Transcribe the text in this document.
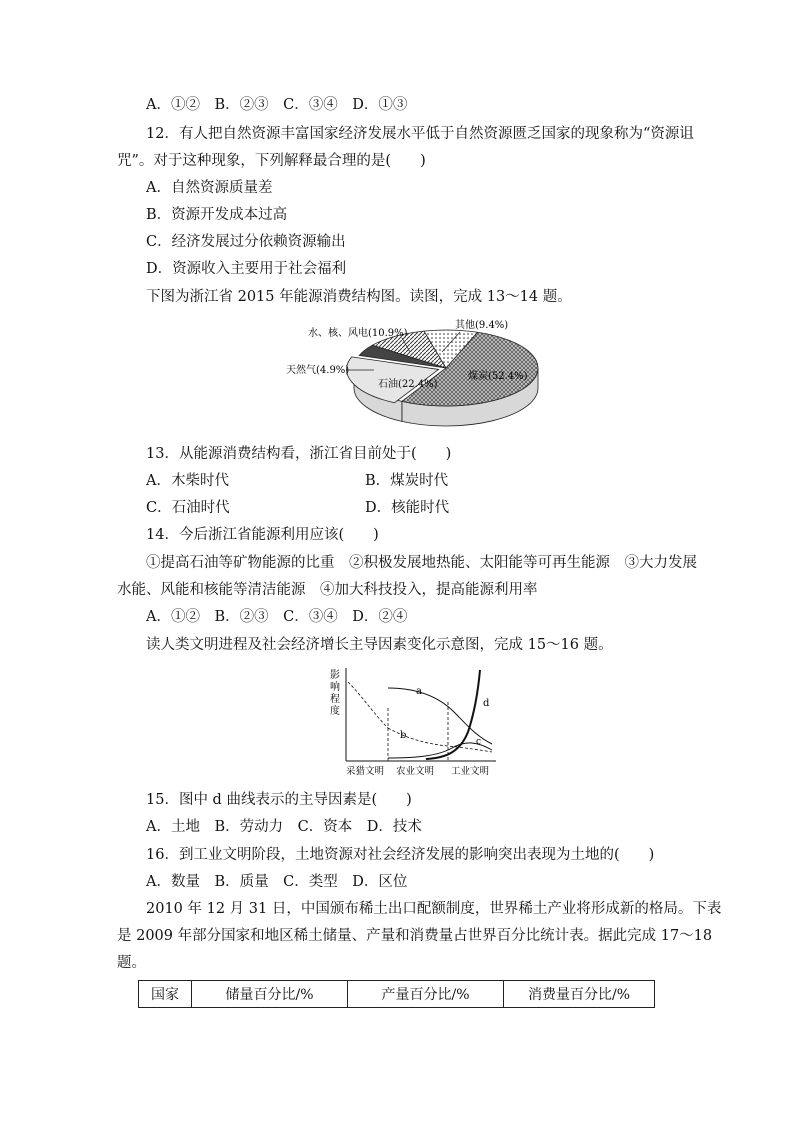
A．①②　B．②③　C．③④　D．①③
12．有人把自然资源丰富国家经济发展水平低于自然资源匮乏国家的现象称为“资源诅
咒”。对于这种现象，下列解释最合理的是(　　)
A．自然资源质量差
B．资源开发成本过高
C．经济发展过分依赖资源输出
D．资源收入主要用于社会福利
下图为浙江省 2015 年能源消费结构图。读图，完成 13～14 题。
水、核、风电(10.9%)
其他(9.4%)
天然气(4.9%)
石油(22.4%)
煤炭(52.4%)
13．从能源消费结构看，浙江省目前处于(　　)
A．木柴时代	B．煤炭时代
C．石油时代	D．核能时代
14．今后浙江省能源利用应该(　　)
①提高石油等矿物能源的比重　②积极发展地热能、太阳能等可再生能源　③大力发展
水能、风能和核能等清洁能源　④加大科技投入，提高能源利用率
A．①②　B．②③　C．③④　D．②④
读人类文明进程及社会经济增长主导因素变化示意图，完成 15～16 题。
影
响
程
度
a
b
c
d
采猎文明 农业文明 工业文明
15．图中 d 曲线表示的主导因素是(　　)
A．土地　B．劳动力　C．资本　D．技术
16．到工业文明阶段，土地资源对社会经济发展的影响突出表现为土地的(　　)
A．数量　B．质量　C．类型　D．区位
2010 年 12 月 31 日，中国颁布稀土出口配额制度，世界稀土产业将形成新的格局。下表
是 2009 年部分国家和地区稀土储量、产量和消费量占世界百分比统计表。据此完成 17～18
题。
国家	储量百分比/%	产量百分比/%	消费量百分比/%
